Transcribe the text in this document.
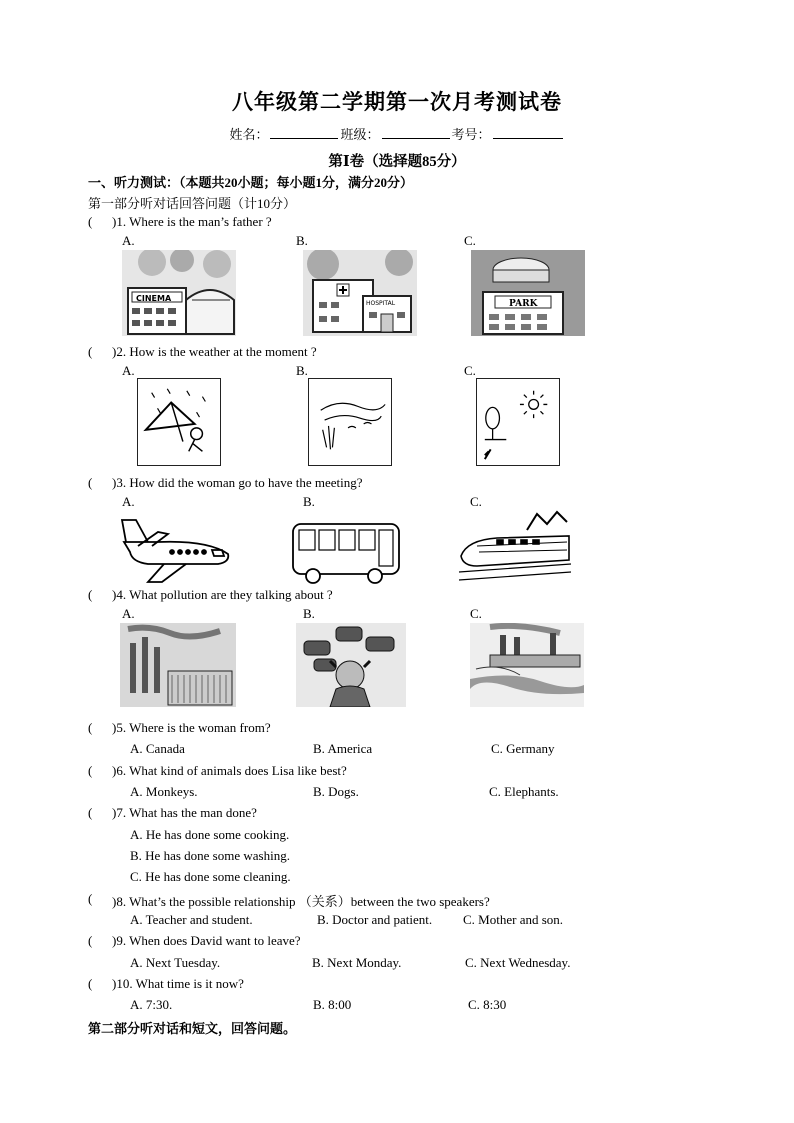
八年级第二学期第一次月考测试卷
姓名：	班级：	考号：
第Ⅰ卷（选择题85分）
一、听力测试：（本题共20小题；每小题1分，满分20分）
第一部分听对话回答问题（计10分）
( )1. Where is the man’s father ?
A.	B.	C.
CINEMA
HOSPITAL	PARK
( )2. How is the weather at the moment ?
A.	B.	C.
( )3. How did the woman go to have the meeting?
A.	B.	C.
( )4. What pollution are they talking about ?
A.	B.	C.
( )5. Where is the woman from?
A. Canada	B. America	C. Germany
( )6. What kind of animals does Lisa like best?
A. Monkeys.	B. Dogs.	C. Elephants.
( )7. What has the man done?
A. He has done some cooking.
B. He has done some washing.
C. He has done some cleaning.
( )8. What’s the possible relationship （关系）between the two speakers?
A. Teacher and student.	B. Doctor and patient. C. Mother and son.
( )9. When does David want to leave?
A. Next Tuesday.	B. Next Monday.	C. Next Wednesday.
( )10. What time is it now?
A. 7:30.	B. 8:00	C. 8:30
第二部分听对话和短文，回答问题。
